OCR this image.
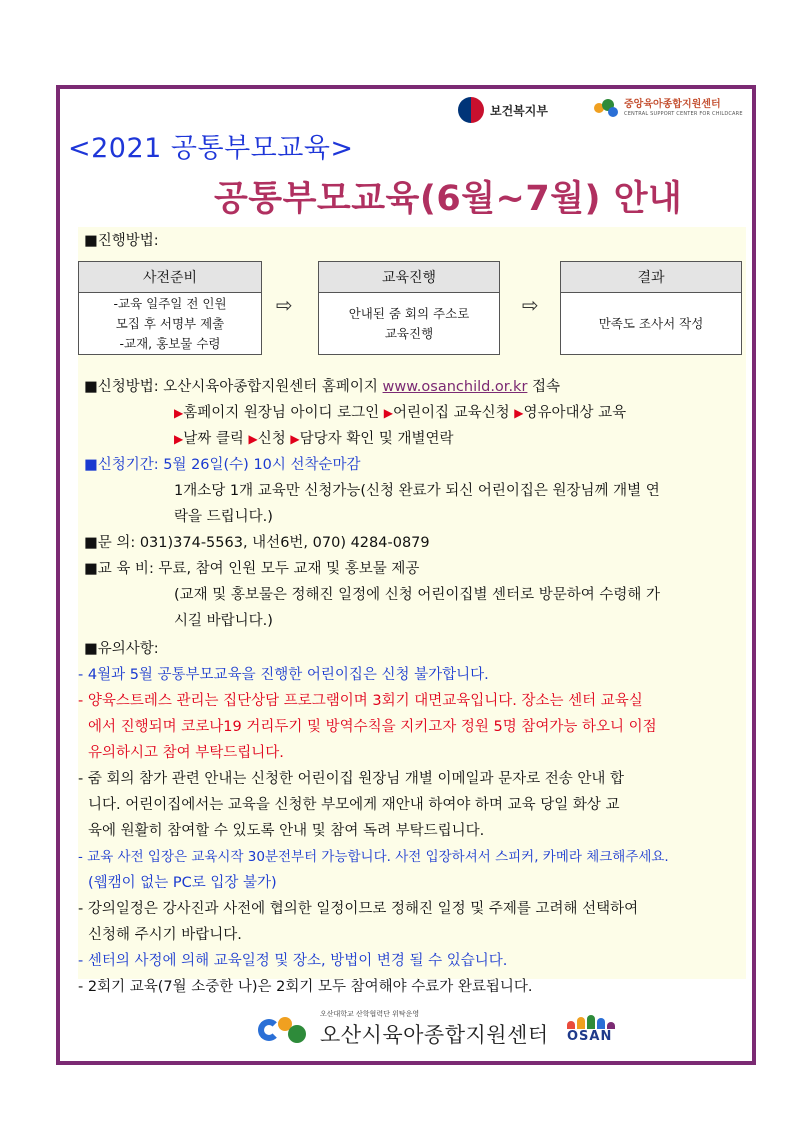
보건복지부	중앙육아종합지원센터
CENTRAL SUPPORT CENTER FOR CHILDCARE
<2021 공통부모교육>
공통부모교육(6월~7월) 안내
■진행방법:
사전준비
-교육 일주일 전 인원
모집 후 서명부 제출
-교재, 홍보물 수령
⇨
교육진행
안내된 줌 회의 주소로
교육진행
⇨
결과
만족도 조사서 작성
■신청방법: 오산시육아종합지원센터 홈페이지 www.osanchild.or.kr 접속
▶홈페이지 원장님 아이디 로그인 ▶어린이집 교육신청 ▶영유아대상 교육
▶날짜 클릭 ▶신청 ▶담당자 확인 및 개별연락
■신청기간: 5월 26일(수) 10시 선착순마감
1개소당 1개 교육만 신청가능(신청 완료가 되신 어린이집은 원장님께 개별 연
락을 드립니다.)
■문 의: 031)374-5563, 내선6번, 070) 4284-0879
■교 육 비: 무료, 참여 인원 모두 교재 및 홍보물 제공
(교재 및 홍보물은 정해진 일정에 신청 어린이집별 센터로 방문하여 수령해 가
시길 바랍니다.)
■유의사항:
- 4월과 5월 공통부모교육을 진행한 어린이집은 신청 불가합니다.
- 양육스트레스 관리는 집단상담 프로그램이며 3회기 대면교육입니다. 장소는 센터 교육실
에서 진행되며 코로나19 거리두기 및 방역수칙을 지키고자 정원 5명 참여가능 하오니 이점
유의하시고 참여 부탁드립니다.
- 줌 회의 참가 관련 안내는 신청한 어린이집 원장님 개별 이메일과 문자로 전송 안내 합
니다. 어린이집에서는 교육을 신청한 부모에게 재안내 하여야 하며 교육 당일 화상 교
육에 원활히 참여할 수 있도록 안내 및 참여 독려 부탁드립니다.
- 교육 사전 입장은 교육시작 30분전부터 가능합니다. 사전 입장하셔서 스피커, 카메라 체크해주세요.
(웹캠이 없는 PC로 입장 불가)
- 강의일정은 강사진과 사전에 협의한 일정이므로 정해진 일정 및 주제를 고려해 선택하여
신청해 주시기 바랍니다.
- 센터의 사정에 의해 교육일정 및 장소, 방법이 변경 될 수 있습니다.
- 2회기 교육(7월 소중한 나)은 2회기 모두 참여해야 수료가 완료됩니다.
오산대학교 산학협력단 위탁운영
오산시육아종합지원센터 OSAN
